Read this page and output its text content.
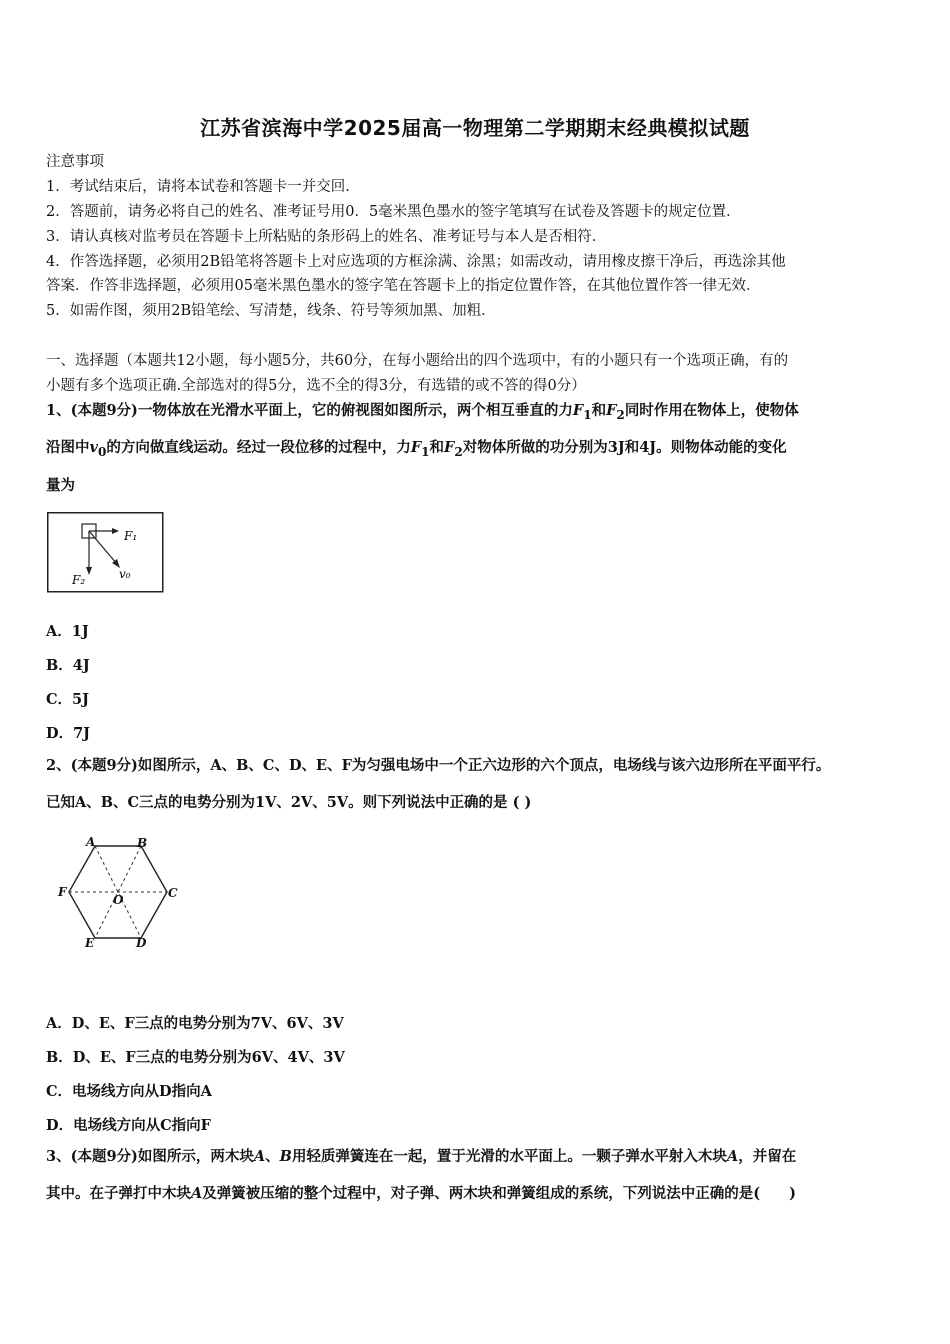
江苏省滨海中学2025届高一物理第二学期期末经典模拟试题
注意事项
1．考试结束后，请将本试卷和答题卡一并交回．
2．答题前，请务必将自己的姓名、准考证号用0．5毫米黑色墨水的签字笔填写在试卷及答题卡的规定位置．
3．请认真核对监考员在答题卡上所粘贴的条形码上的姓名、准考证号与本人是否相符．
4．作答选择题，必须用2B铅笔将答题卡上对应选项的方框涂满、涂黑；如需改动，请用橡皮擦干净后，再选涂其他
答案．作答非选择题，必须用05毫米黑色墨水的签字笔在答题卡上的指定位置作答，在其他位置作答一律无效．
5．如需作图，须用2B铅笔绘、写清楚，线条、符号等须加黑、加粗．
一、选择题（本题共12小题，每小题5分，共60分，在每小题给出的四个选项中，有的小题只有一个选项正确，有的
小题有多个选项正确.全部选对的得5分，选不全的得3分，有选错的或不答的得0分）
1、(本题9分)一物体放在光滑水平面上，它的俯视图如图所示，两个相互垂直的力$F_1$和$F_2$同时作用在物体上，使物体
沿图中$v_0$的方向做直线运动。经过一段位移的过程中，力$F_1$和$F_2$对物体所做的功分别为3J和4J。则物体动能的变化
量为
F₁
F₂	v₀
A．1J
B．4J
C．5J
D．7J
2、(本题9分)如图所示，A、B、C、D、E、F为匀强电场中一个正六边形的六个顶点，电场线与该六边形所在平面平行。
已知A、B、C三点的电势分别为1V、2V、5V。则下列说法中正确的是 ( )
A	B
C
D
E
F
O
A．D、E、F三点的电势分别为7V、6V、3V
B．D、E、F三点的电势分别为6V、4V、3V
C．电场线方向从D指向A
D．电场线方向从C指向F
3、(本题9分)如图所示，两木块A、B用轻质弹簧连在一起，置于光滑的水平面上。一颗子弹水平射入木块A，并留在
其中。在子弹打中木块A及弹簧被压缩的整个过程中，对子弹、两木块和弹簧组成的系统，下列说法中正确的是(　　)
